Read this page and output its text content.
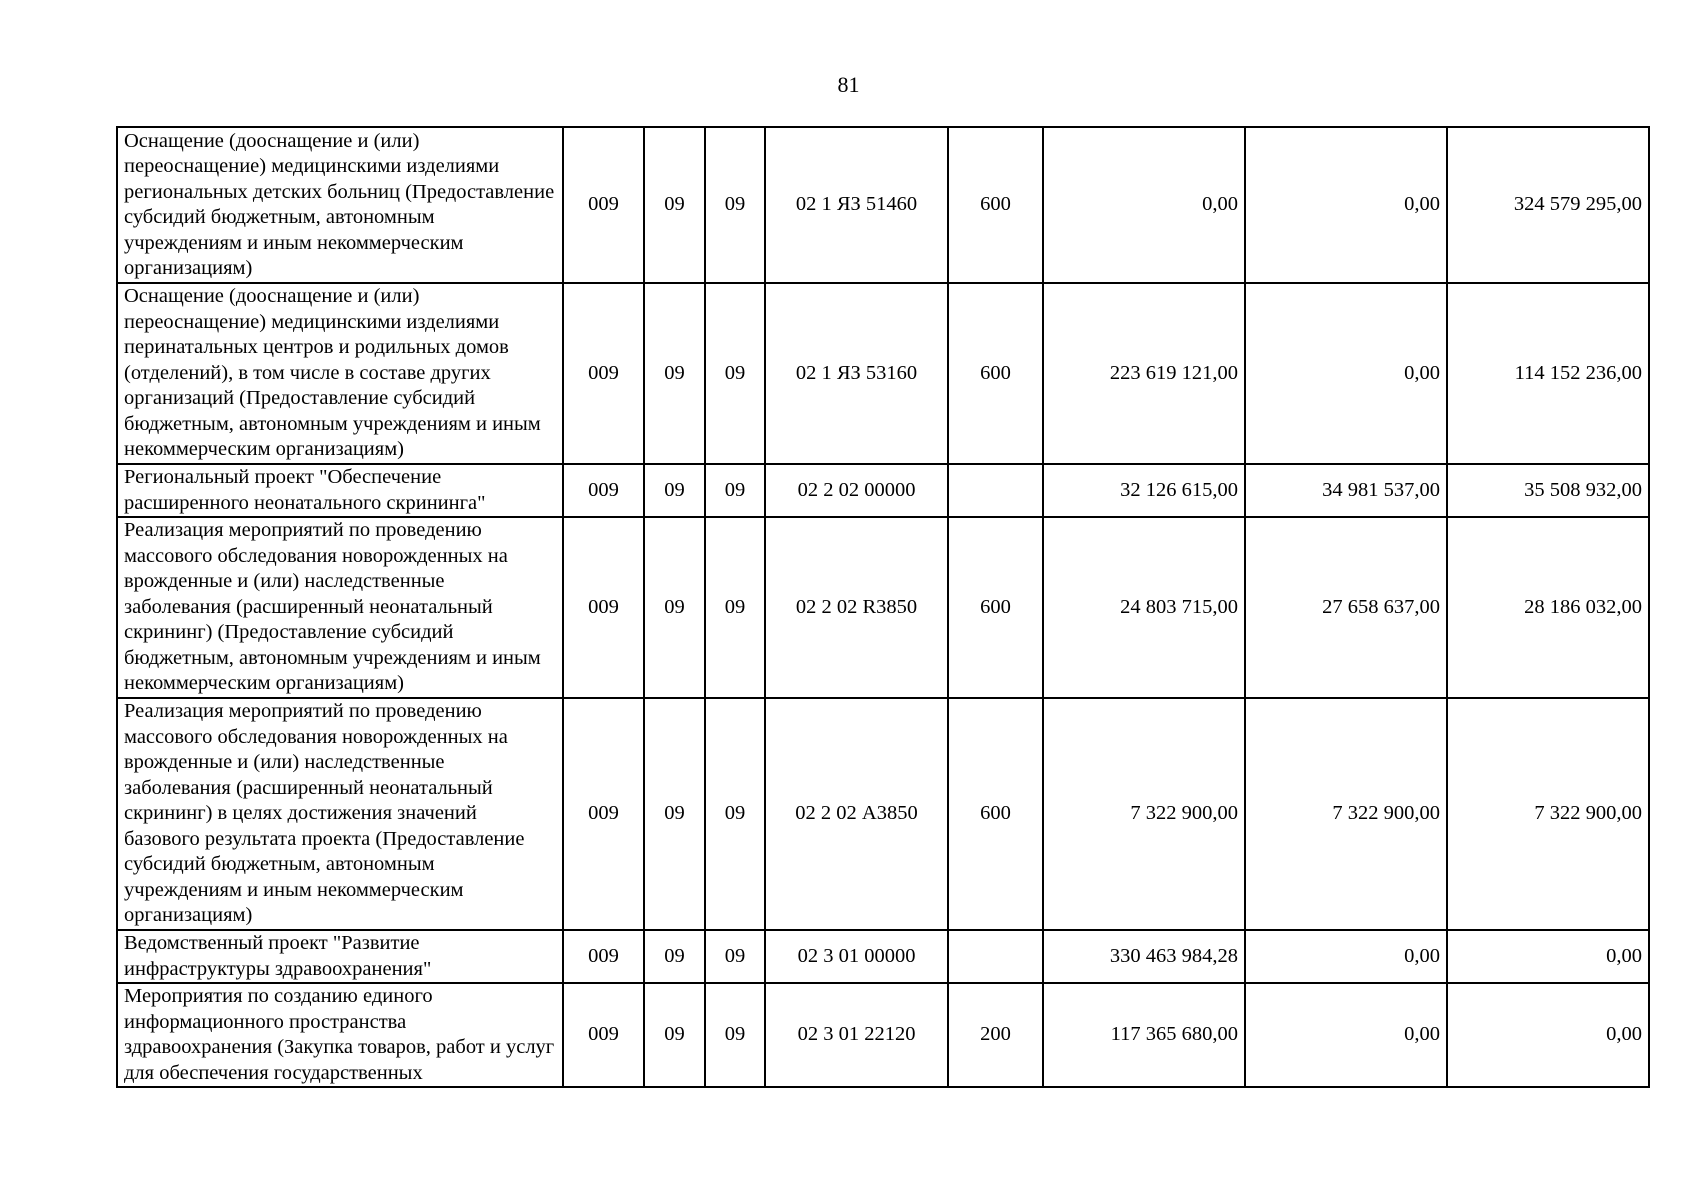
81
Оснащение (дооснащение и (или) переоснащение) медицинскими изделиями региональных детских больниц (Предоставление субсидий бюджетным, автономным учреждениям и иным некоммерческим организациям)	009	09	09	02 1 ЯЗ 51460	600	0,00	0,00	324 579 295,00
Оснащение (дооснащение и (или) переоснащение) медицинскими изделиями перинатальных центров и родильных домов (отделений), в том числе в составе других организаций (Предоставление субсидий бюджетным, автономным учреждениям и иным некоммерческим организациям)	009	09	09	02 1 ЯЗ 53160	600	223 619 121,00	0,00	114 152 236,00
Региональный проект "Обеспечение расширенного неонатального скрининга"	009	09	09	02 2 02 00000		32 126 615,00	34 981 537,00	35 508 932,00
Реализация мероприятий по проведению массового обследования новорожденных на врожденные и (или) наследственные заболевания (расширенный неонатальный скрининг) (Предоставление субсидий бюджетным, автономным учреждениям и иным некоммерческим организациям)	009	09	09	02 2 02 R3850	600	24 803 715,00	27 658 637,00	28 186 032,00
Реализация мероприятий по проведению массового обследования новорожденных на врожденные и (или) наследственные заболевания (расширенный неонатальный скрининг) в целях достижения значений базового результата проекта (Предоставление субсидий бюджетным, автономным учреждениям и иным некоммерческим организациям)	009	09	09	02 2 02 А3850	600	7 322 900,00	7 322 900,00	7 322 900,00
Ведомственный проект "Развитие инфраструктуры здравоохранения"	009	09	09	02 3 01 00000		330 463 984,28	0,00	0,00
Мероприятия по созданию единого информационного пространства здравоохранения (Закупка товаров, работ и услуг для обеспечения государственных	009	09	09	02 3 01 22120	200	117 365 680,00	0,00	0,00
